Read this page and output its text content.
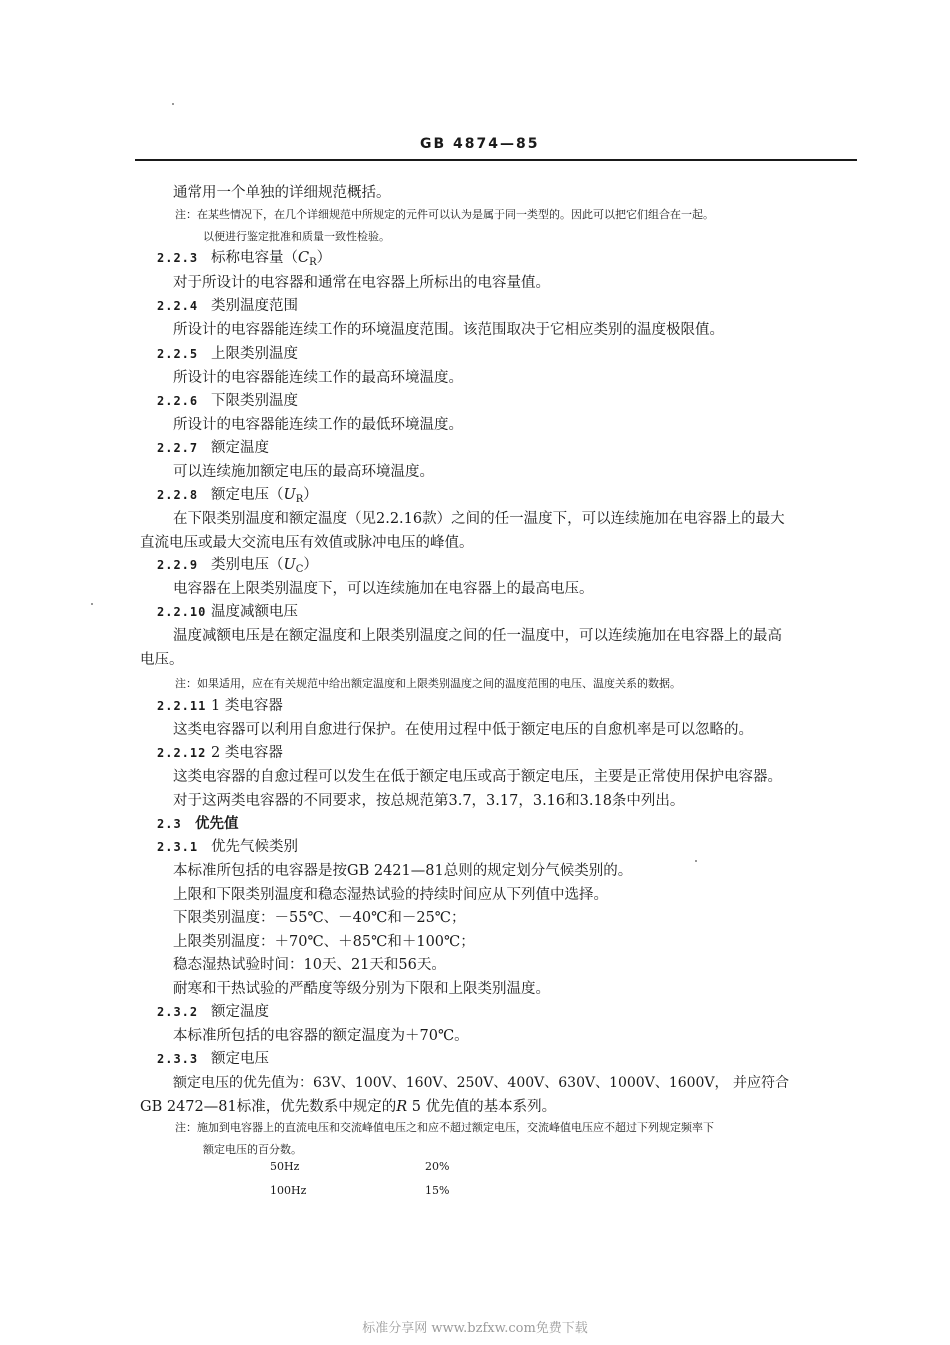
GB 4874—85
通常用一个单独的详细规范概括。
注：在某些情况下，在几个详细规范中所规定的元件可以认为是属于同一类型的。因此可以把它们组合在一起。
以便进行鉴定批准和质量一致性检验。
2.2.3 标称电容量$(C_R)$
对于所设计的电容器和通常在电容器上所标出的电容量值。
2.2.4 类别温度范围
所设计的电容器能连续工作的环境温度范围。该范围取决于它相应类别的温度极限值。
2.2.5 上限类别温度
所设计的电容器能连续工作的最高环境温度。
2.2.6 下限类别温度
所设计的电容器能连续工作的最低环境温度。
2.2.7 额定温度
可以连续施加额定电压的最高环境温度。
2.2.8 额定电压$(U_R)$
在下限类别温度和额定温度（见2.2.16款）之间的任一温度下，可以连续施加在电容器上的最大
直流电压或最大交流电压有效值或脉冲电压的峰值。
2.2.9 类别电压$(U_C)$
电容器在上限类别温度下，可以连续施加在电容器上的最高电压。
2.2.10 温度减额电压
温度减额电压是在额定温度和上限类别温度之间的任一温度中，可以连续施加在电容器上的最高
电压。
注：如果适用，应在有关规范中给出额定温度和上限类别温度之间的温度范围的电压、温度关系的数据。
2.2.11 1 类电容器
这类电容器可以利用自愈进行保护。在使用过程中低于额定电压的自愈机率是可以忽略的。
2.2.12 2 类电容器
这类电容器的自愈过程可以发生在低于额定电压或高于额定电压，主要是正常使用保护电容器。
对于这两类电容器的不同要求，按总规范第3.7，3.17，3.16和3.18条中列出。
2.3 优先值
2.3.1 优先气候类别
本标准所包括的电容器是按GB 2421—81总则的规定划分气候类别的。
上限和下限类别温度和稳态湿热试验的持续时间应从下列值中选择。
下限类别温度：－55℃、－40℃和－25℃；
上限类别温度：＋70℃、＋85℃和＋100℃；
稳态湿热试验时间：10天、21天和56天。
耐寒和干热试验的严酷度等级分别为下限和上限类别温度。
2.3.2 额定温度
本标准所包括的电容器的额定温度为＋70℃。
2.3.3 额定电压
额定电压的优先值为：63V、100V、160V、250V、400V、630V、1000V、1600V， 并应符合
GB 2472—81标准，优先数系中规定的R 5 优先值的基本系列。
注：施加到电容器上的直流电压和交流峰值电压之和应不超过额定电压，交流峰值电压应不超过下列规定频率下
额定电压的百分数。
50Hz	20%
100Hz	15%
标准分享网 www.bzfxw.com免费下载
